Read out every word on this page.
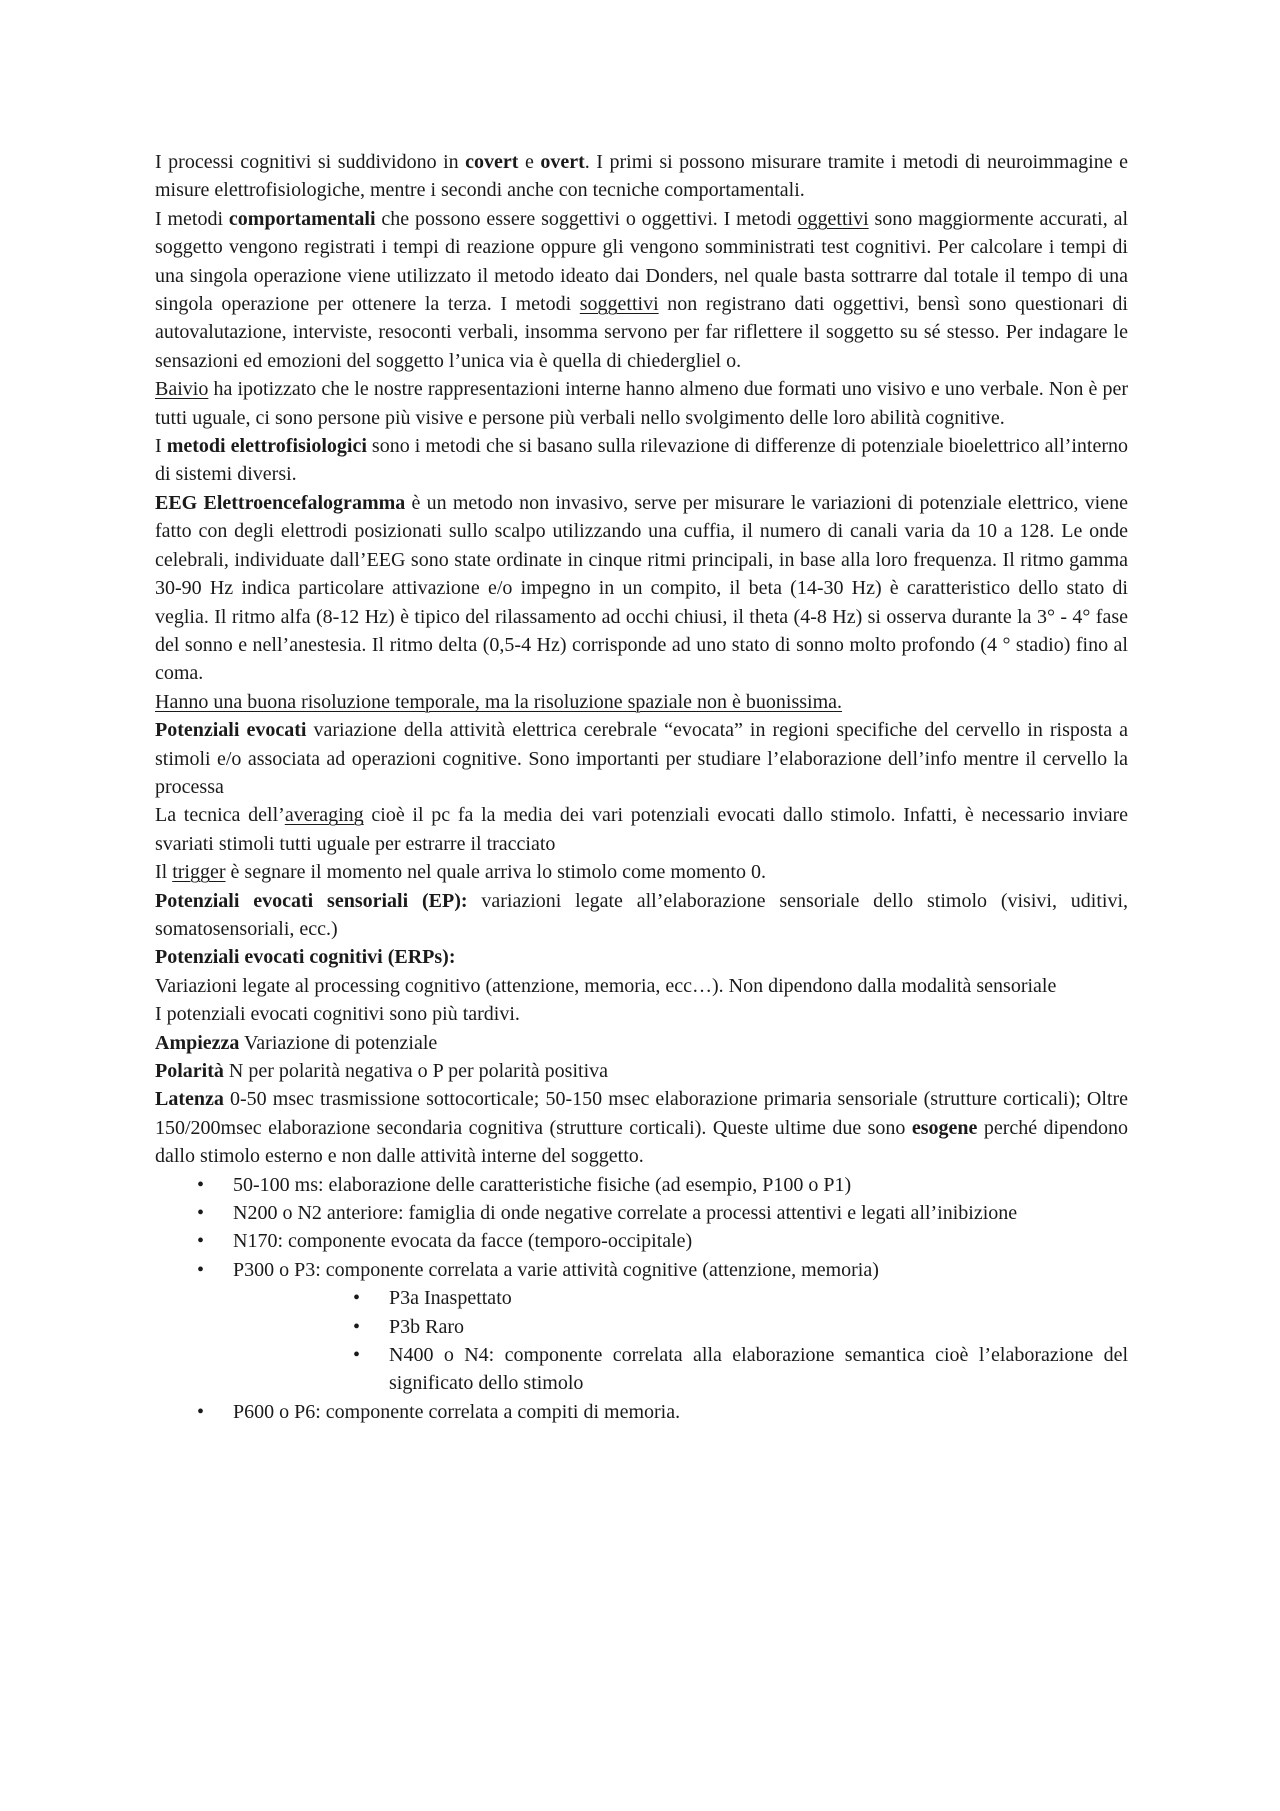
I processi cognitivi si suddividono in covert e overt. I primi si possono misurare tramite i metodi di neuroimmagine e misure elettrofisiologiche, mentre i secondi anche con tecniche comportamentali.

I metodi comportamentali che possono essere soggettivi o oggettivi. I metodi oggettivi sono maggiormente accurati, al soggetto vengono registrati i tempi di reazione oppure gli vengono somministrati test cognitivi. Per calcolare i tempi di una singola operazione viene utilizzato il metodo ideato dai Donders, nel quale basta sottrarre dal totale il tempo di una singola operazione per ottenere la terza. I metodi soggettivi non registrano dati oggettivi, bensì sono questionari di autovalutazione, interviste, resoconti verbali, insomma servono per far riflettere il soggetto su sé stesso. Per indagare le sensazioni ed emozioni del soggetto l’unica via è quella di chiedergliel o.

Baivio ha ipotizzato che le nostre rappresentazioni interne hanno almeno due formati uno visivo e uno verbale. Non è per tutti uguale, ci sono persone più visive e persone più verbali nello svolgimento delle loro abilità cognitive.

I metodi elettrofisiologici sono i metodi che si basano sulla rilevazione di differenze di potenziale bioelettrico all’interno di sistemi diversi.

EEG Elettroencefalogramma è un metodo non invasivo, serve per misurare le variazioni di potenziale elettrico, viene fatto con degli elettrodi posizionati sullo scalpo utilizzando una cuffia, il numero di canali varia da 10 a 128. Le onde celebrali, individuate dall’EEG sono state ordinate in cinque ritmi principali, in base alla loro frequenza. Il ritmo gamma 30-90 Hz indica particolare attivazione e/o impegno in un compito, il beta (14-30 Hz) è caratteristico dello stato di veglia. Il ritmo alfa (8-12 Hz) è tipico del rilassamento ad occhi chiusi, il theta (4-8 Hz) si osserva durante la 3° - 4° fase del sonno e nell’anestesia. Il ritmo delta (0,5-4 Hz) corrisponde ad uno stato di sonno molto profondo (4 ° stadio) fino al coma.

Hanno una buona risoluzione temporale, ma la risoluzione spaziale non è buonissima.

Potenziali evocati variazione della attività elettrica cerebrale “evocata” in regioni specifiche del cervello in risposta a stimoli e/o associata ad operazioni cognitive. Sono importanti per studiare l’elaborazione dell’info mentre il cervello la processa

La tecnica dell’averaging cioè il pc fa la media dei vari potenziali evocati dallo stimolo. Infatti, è necessario inviare svariati stimoli tutti uguale per estrarre il tracciato

Il trigger è segnare il momento nel quale arriva lo stimolo come momento 0.

Potenziali evocati sensoriali (EP): variazioni legate all’elaborazione sensoriale dello stimolo (visivi, uditivi, somatosensoriali, ecc.)

Potenziali evocati cognitivi (ERPs):

Variazioni legate al processing cognitivo (attenzione, memoria, ecc…). Non dipendono dalla modalità sensoriale

I potenziali evocati cognitivi sono più tardivi.

Ampiezza Variazione di potenziale

Polarità N per polarità negativa o P per polarità positiva

Latenza 0-50 msec trasmissione sottocorticale; 50-150 msec elaborazione primaria sensoriale (strutture corticali); Oltre 150/200msec elaborazione secondaria cognitiva (strutture corticali). Queste ultime due sono esogene perché dipendono dallo stimolo esterno e non dalle attività interne del soggetto.

• 50-100 ms: elaborazione delle caratteristiche fisiche (ad esempio, P100 o P1)
• N200 o N2 anteriore: famiglia di onde negative correlate a processi attentivi e legati all’inibizione
• N170: componente evocata da facce (temporo-occipitale)
• P300 o P3: componente correlata a varie attività cognitive (attenzione, memoria)
• P3a Inaspettato
• P3b Raro
• N400 o N4: componente correlata alla elaborazione semantica cioè l’elaborazione del significato dello stimolo
• P600 o P6: componente correlata a compiti di memoria.
